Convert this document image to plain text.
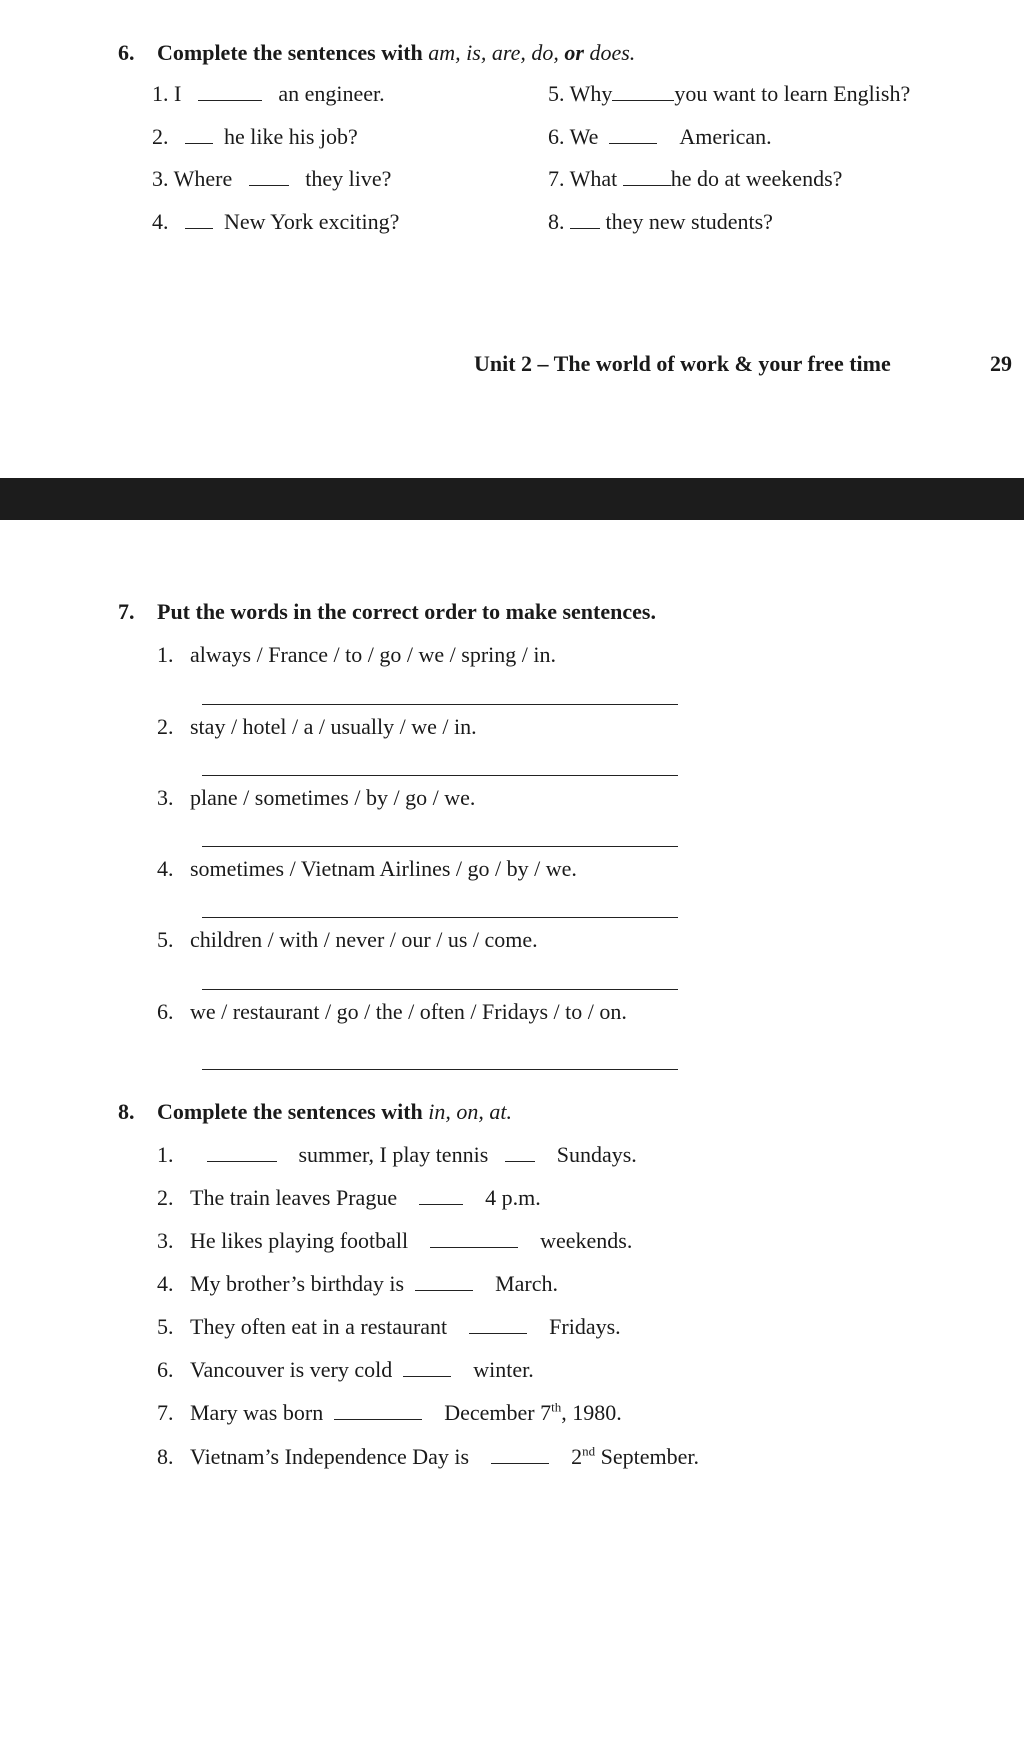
6. Complete the sentences with am, is, are, do, or does.
1. I	an engineer.
2.	he like his job?
3. Where	they live?
4.	New York exciting?
5. Why	you want to learn English?
6. We	American.
7. What he do at weekends?
8. they new students?
Unit 2 – The world of work & your free time	29
7. Put the words in the correct order to make sentences.
1. always / France / to / go / we / spring / in.
2. stay / hotel / a / usually / we / in.
3. plane / sometimes / by / go / we.
4. sometimes / Vietnam Airlines / go / by / we.
5. children / with / never / our / us / come.
6. we / restaurant / go / the / often / Fridays / to / on.
8. Complete the sentences with in, on, at.
1.	summer, I play tennis	Sundays.
2. The train leaves Prague	4 p.m.
3. He likes playing football	weekends.
4. My brother’s birthday is	March.
5. They often eat in a restaurant	Fridays.
6. Vancouver is very cold	winter.
7. Mary was born	December 7th, 1980.
8. Vietnam’s Independence Day is	2nd September.
